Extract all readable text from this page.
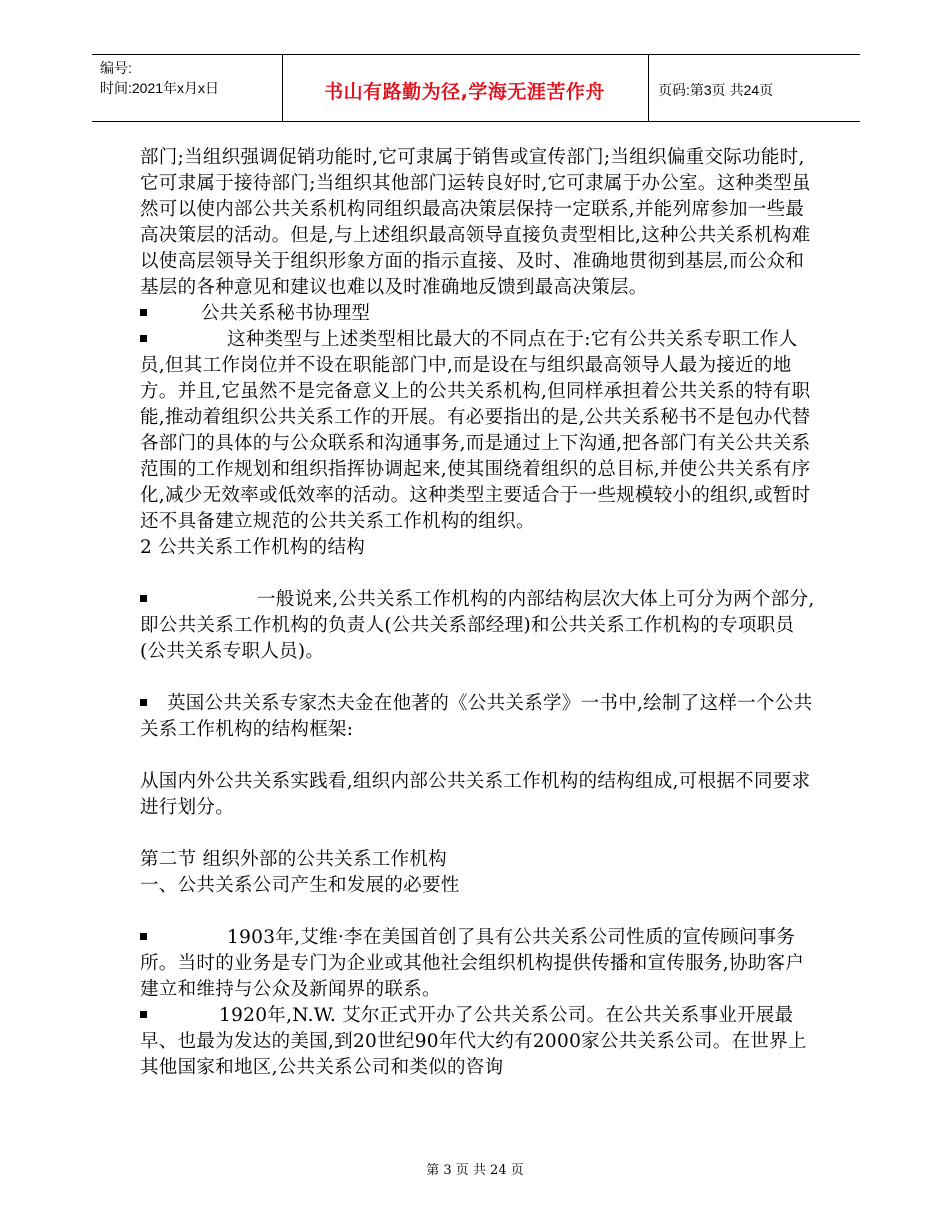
编号:
时间:2021年x月x日	书山有路勤为径,学海无涯苦作舟	页码:第3页 共24页

部门;当组织强调促销功能时,它可隶属于销售或宣传部门;当组织偏重交际功能时,它可隶属于接待部门;当组织其他部门运转良好时,它可隶属于办公室。这种类型虽然可以使内部公共关系机构同组织最高决策层保持一定联系,并能列席参加一些最高决策层的活动。但是,与上述组织最高领导直接负责型相比,这种公共关系机构难以使高层领导关于组织形象方面的指示直接、及时、准确地贯彻到基层,而公众和基层的各种意见和建议也难以及时准确地反馈到最高决策层。

公共关系秘书协理型

这种类型与上述类型相比最大的不同点在于:它有公共关系专职工作人员,但其工作岗位并不设在职能部门中,而是设在与组织最高领导人最为接近的地方。并且,它虽然不是完备意义上的公共关系机构,但同样承担着公共关系的特有职能,推动着组织公共关系工作的开展。有必要指出的是,公共关系秘书不是包办代替各部门的具体的与公众联系和沟通事务,而是通过上下沟通,把各部门有关公共关系范围的工作规划和组织指挥协调起来,使其围绕着组织的总目标,并使公共关系有序化,减少无效率或低效率的活动。这种类型主要适合于一些规模较小的组织,或暂时还不具备建立规范的公共关系工作机构的组织。

2 公共关系工作机构的结构

一般说来,公共关系工作机构的内部结构层次大体上可分为两个部分,即公共关系工作机构的负责人(公共关系部经理)和公共关系工作机构的专项职员(公共关系专职人员)。

英国公共关系专家杰夫金在他著的《公共关系学》一书中,绘制了这样一个公共关系工作机构的结构框架:

从国内外公共关系实践看,组织内部公共关系工作机构的结构组成,可根据不同要求进行划分。

第二节 组织外部的公共关系工作机构

一、公共关系公司产生和发展的必要性

1903年,艾维·李在美国首创了具有公共关系公司性质的宣传顾问事务所。当时的业务是专门为企业或其他社会组织机构提供传播和宣传服务,协助客户建立和维持与公众及新闻界的联系。

1920年,N.W. 艾尔正式开办了公共关系公司。在公共关系事业开展最早、也最为发达的美国,到20世纪90年代大约有2000家公共关系公司。在世界上其他国家和地区,公共关系公司和类似的咨询

第 3 页 共 24 页
